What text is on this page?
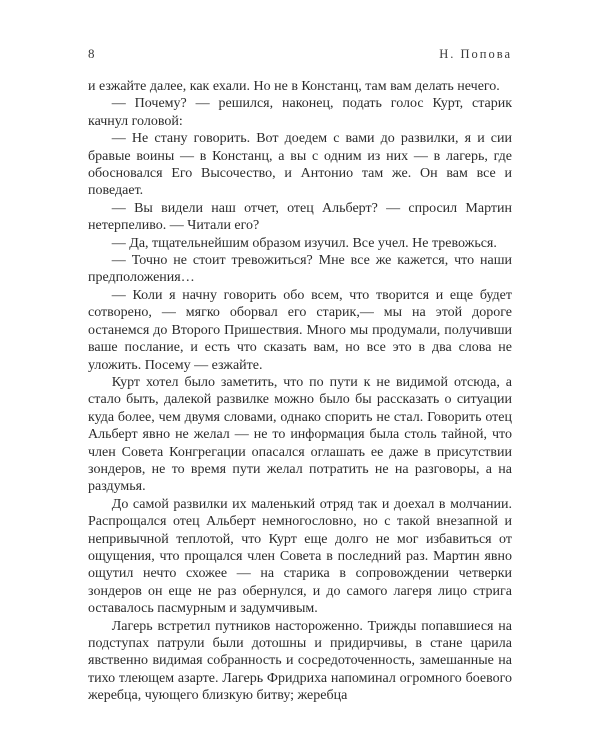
8	Н. Попова

и езжайте далее, как ехали. Но не в Констанц, там вам делать нечего.

— Почему? — решился, наконец, подать голос Курт, старик качнул головой:

— Не стану говорить. Вот доедем с вами до развилки, я и сии бравые воины — в Констанц, а вы с одним из них — в лагерь, где обосновался Его Высочество, и Антонио там же. Он вам все и поведает.

— Вы видели наш отчет, отец Альберт? — спросил Мартин нетерпеливо. — Читали его?

— Да, тщательнейшим образом изучил. Все учел. Не тревожься.

— Точно не стоит тревожиться? Мне все же кажется, что наши предположения…

— Коли я начну говорить обо всем, что творится и еще будет сотворено, — мягко оборвал его старик,— мы на этой дороге останемся до Второго Пришествия. Много мы продумали, получивши ваше послание, и есть что сказать вам, но все это в два слова не уложить. Посему — езжайте.

Курт хотел было заметить, что по пути к не видимой отсюда, а стало быть, далекой развилке можно было бы рассказать о ситуации куда более, чем двумя словами, однако спорить не стал. Говорить отец Альберт явно не желал — не то информация была столь тайной, что член Совета Конгрегации опасался оглашать ее даже в присутствии зондеров, не то время пути желал потратить не на разговоры, а на раздумья.

До самой развилки их маленький отряд так и доехал в молчании. Распрощался отец Альберт немногословно, но с такой внезапной и непривычной теплотой, что Курт еще долго не мог избавиться от ощущения, что прощался член Совета в последний раз. Мартин явно ощутил нечто схожее — на старика в сопровождении четверки зондеров он еще не раз обернулся, и до самого лагеря лицо стрига оставалось пасмурным и задумчивым.

Лагерь встретил путников настороженно. Трижды попавшиеся на подступах патрули были дотошны и придирчивы, в стане царила явственно видимая собранность и сосредоточенность, замешанные на тихо тлеющем азарте. Лагерь Фридриха напоминал огромного боевого жеребца, чующего близкую битву; жеребца
